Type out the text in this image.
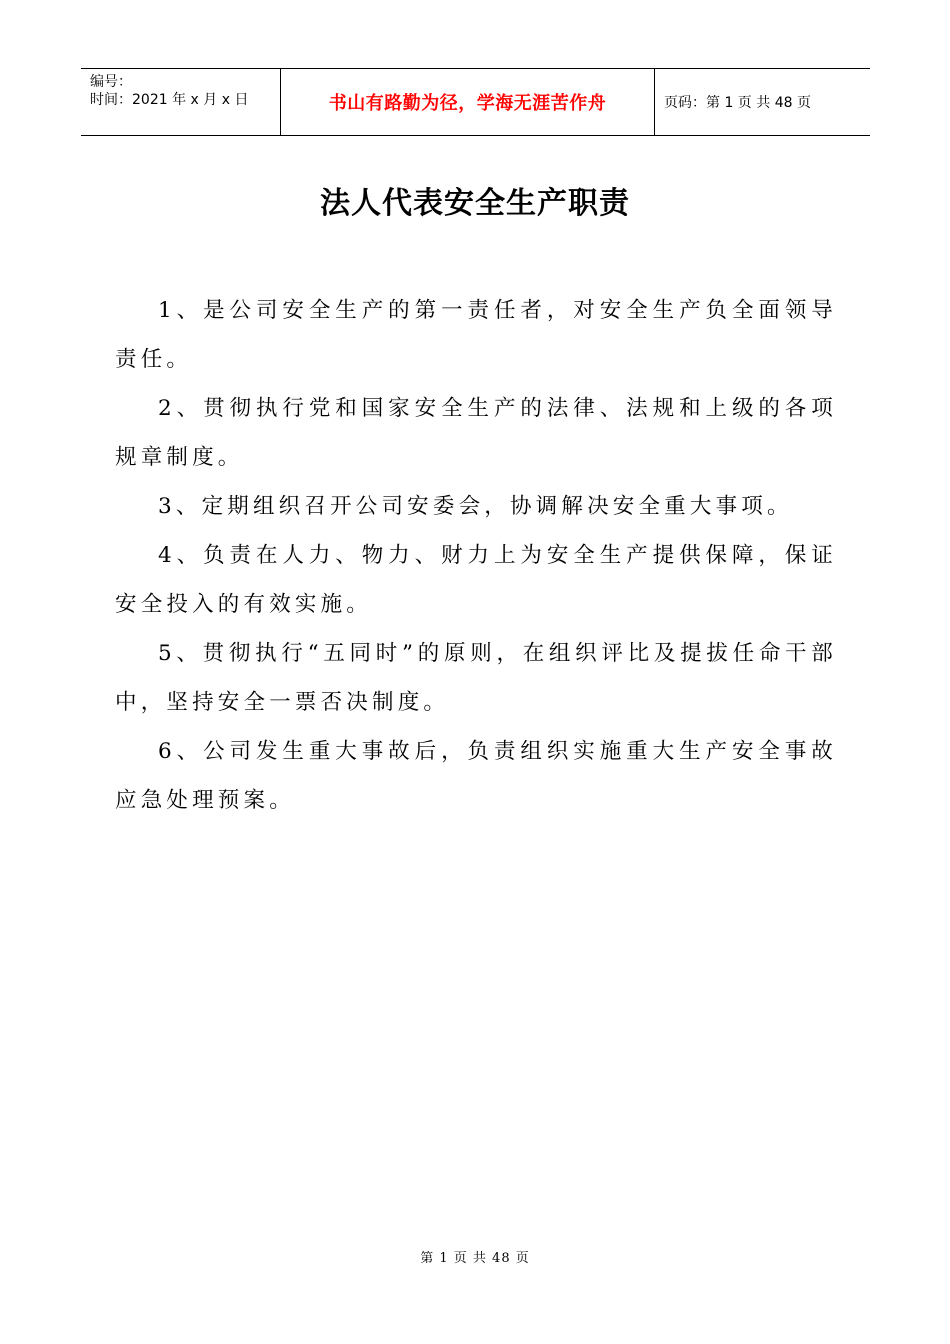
编号：
时间：2021 年 x 月 x 日	书山有路勤为径，学海无涯苦作舟	页码：第 1 页 共 48 页
法人代表安全生产职责

1、是公司安全生产的第一责任者，对安全生产负全面领导责任。

2、贯彻执行党和国家安全生产的法律、法规和上级的各项规章制度。

3、定期组织召开公司安委会，协调解决安全重大事项。

4、负责在人力、物力、财力上为安全生产提供保障，保证安全投入的有效实施。

5、贯彻执行“五同时”的原则，在组织评比及提拔任命干部中，坚持安全一票否决制度。

6、公司发生重大事故后，负责组织实施重大生产安全事故应急处理预案。

第 1 页 共 48 页
